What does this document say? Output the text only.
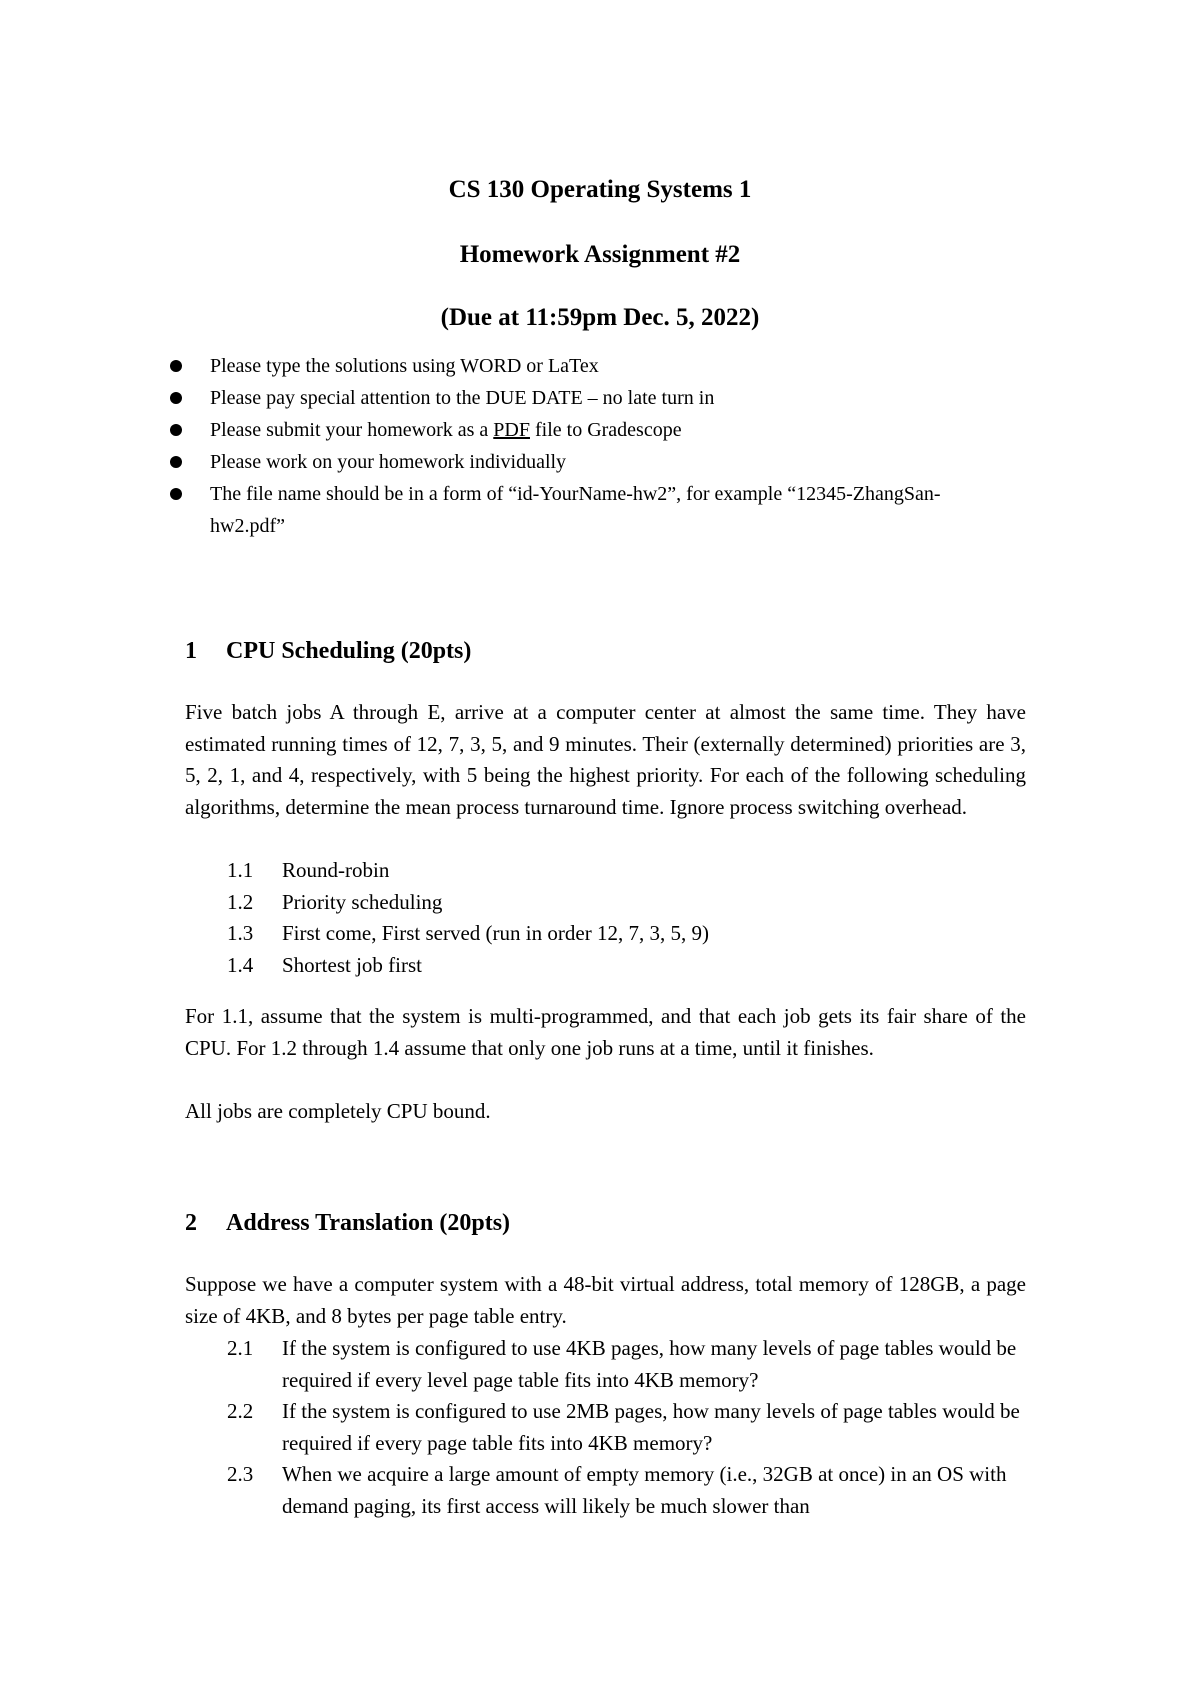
CS 130 Operating Systems 1
Homework Assignment #2
(Due at 11:59pm Dec. 5, 2022)
Please type the solutions using WORD or LaTex
Please pay special attention to the DUE DATE – no late turn in
Please submit your homework as a PDF file to Gradescope
Please work on your homework individually
The file name should be in a form of “id-YourName-hw2”, for example “12345-ZhangSan-hw2.pdf”
1 CPU Scheduling (20pts)

Five batch jobs A through E, arrive at a computer center at almost the same time. They have estimated running times of 12, 7, 3, 5, and 9 minutes. Their (externally determined) priorities are 3, 5, 2, 1, and 4, respectively, with 5 being the highest priority. For each of the following scheduling algorithms, determine the mean process turnaround time. Ignore process switching overhead.

1.1	Round-robin
1.2	Priority scheduling
1.3	First come, First served (run in order 12, 7, 3, 5, 9)
1.4	Shortest job first

For 1.1, assume that the system is multi-programmed, and that each job gets its fair share of the CPU. For 1.2 through 1.4 assume that only one job runs at a time, until it finishes.

All jobs are completely CPU bound.

2 Address Translation (20pts)

Suppose we have a computer system with a 48-bit virtual address, total memory of 128GB, a page size of 4KB, and 8 bytes per page table entry.

2.1	If the system is configured to use 4KB pages, how many levels of page tables would be required if every level page table fits into 4KB memory?
2.2	If the system is configured to use 2MB pages, how many levels of page tables would be required if every page table fits into 4KB memory?
2.3	When we acquire a large amount of empty memory (i.e., 32GB at once) in an OS with demand paging, its first access will likely be much slower than
